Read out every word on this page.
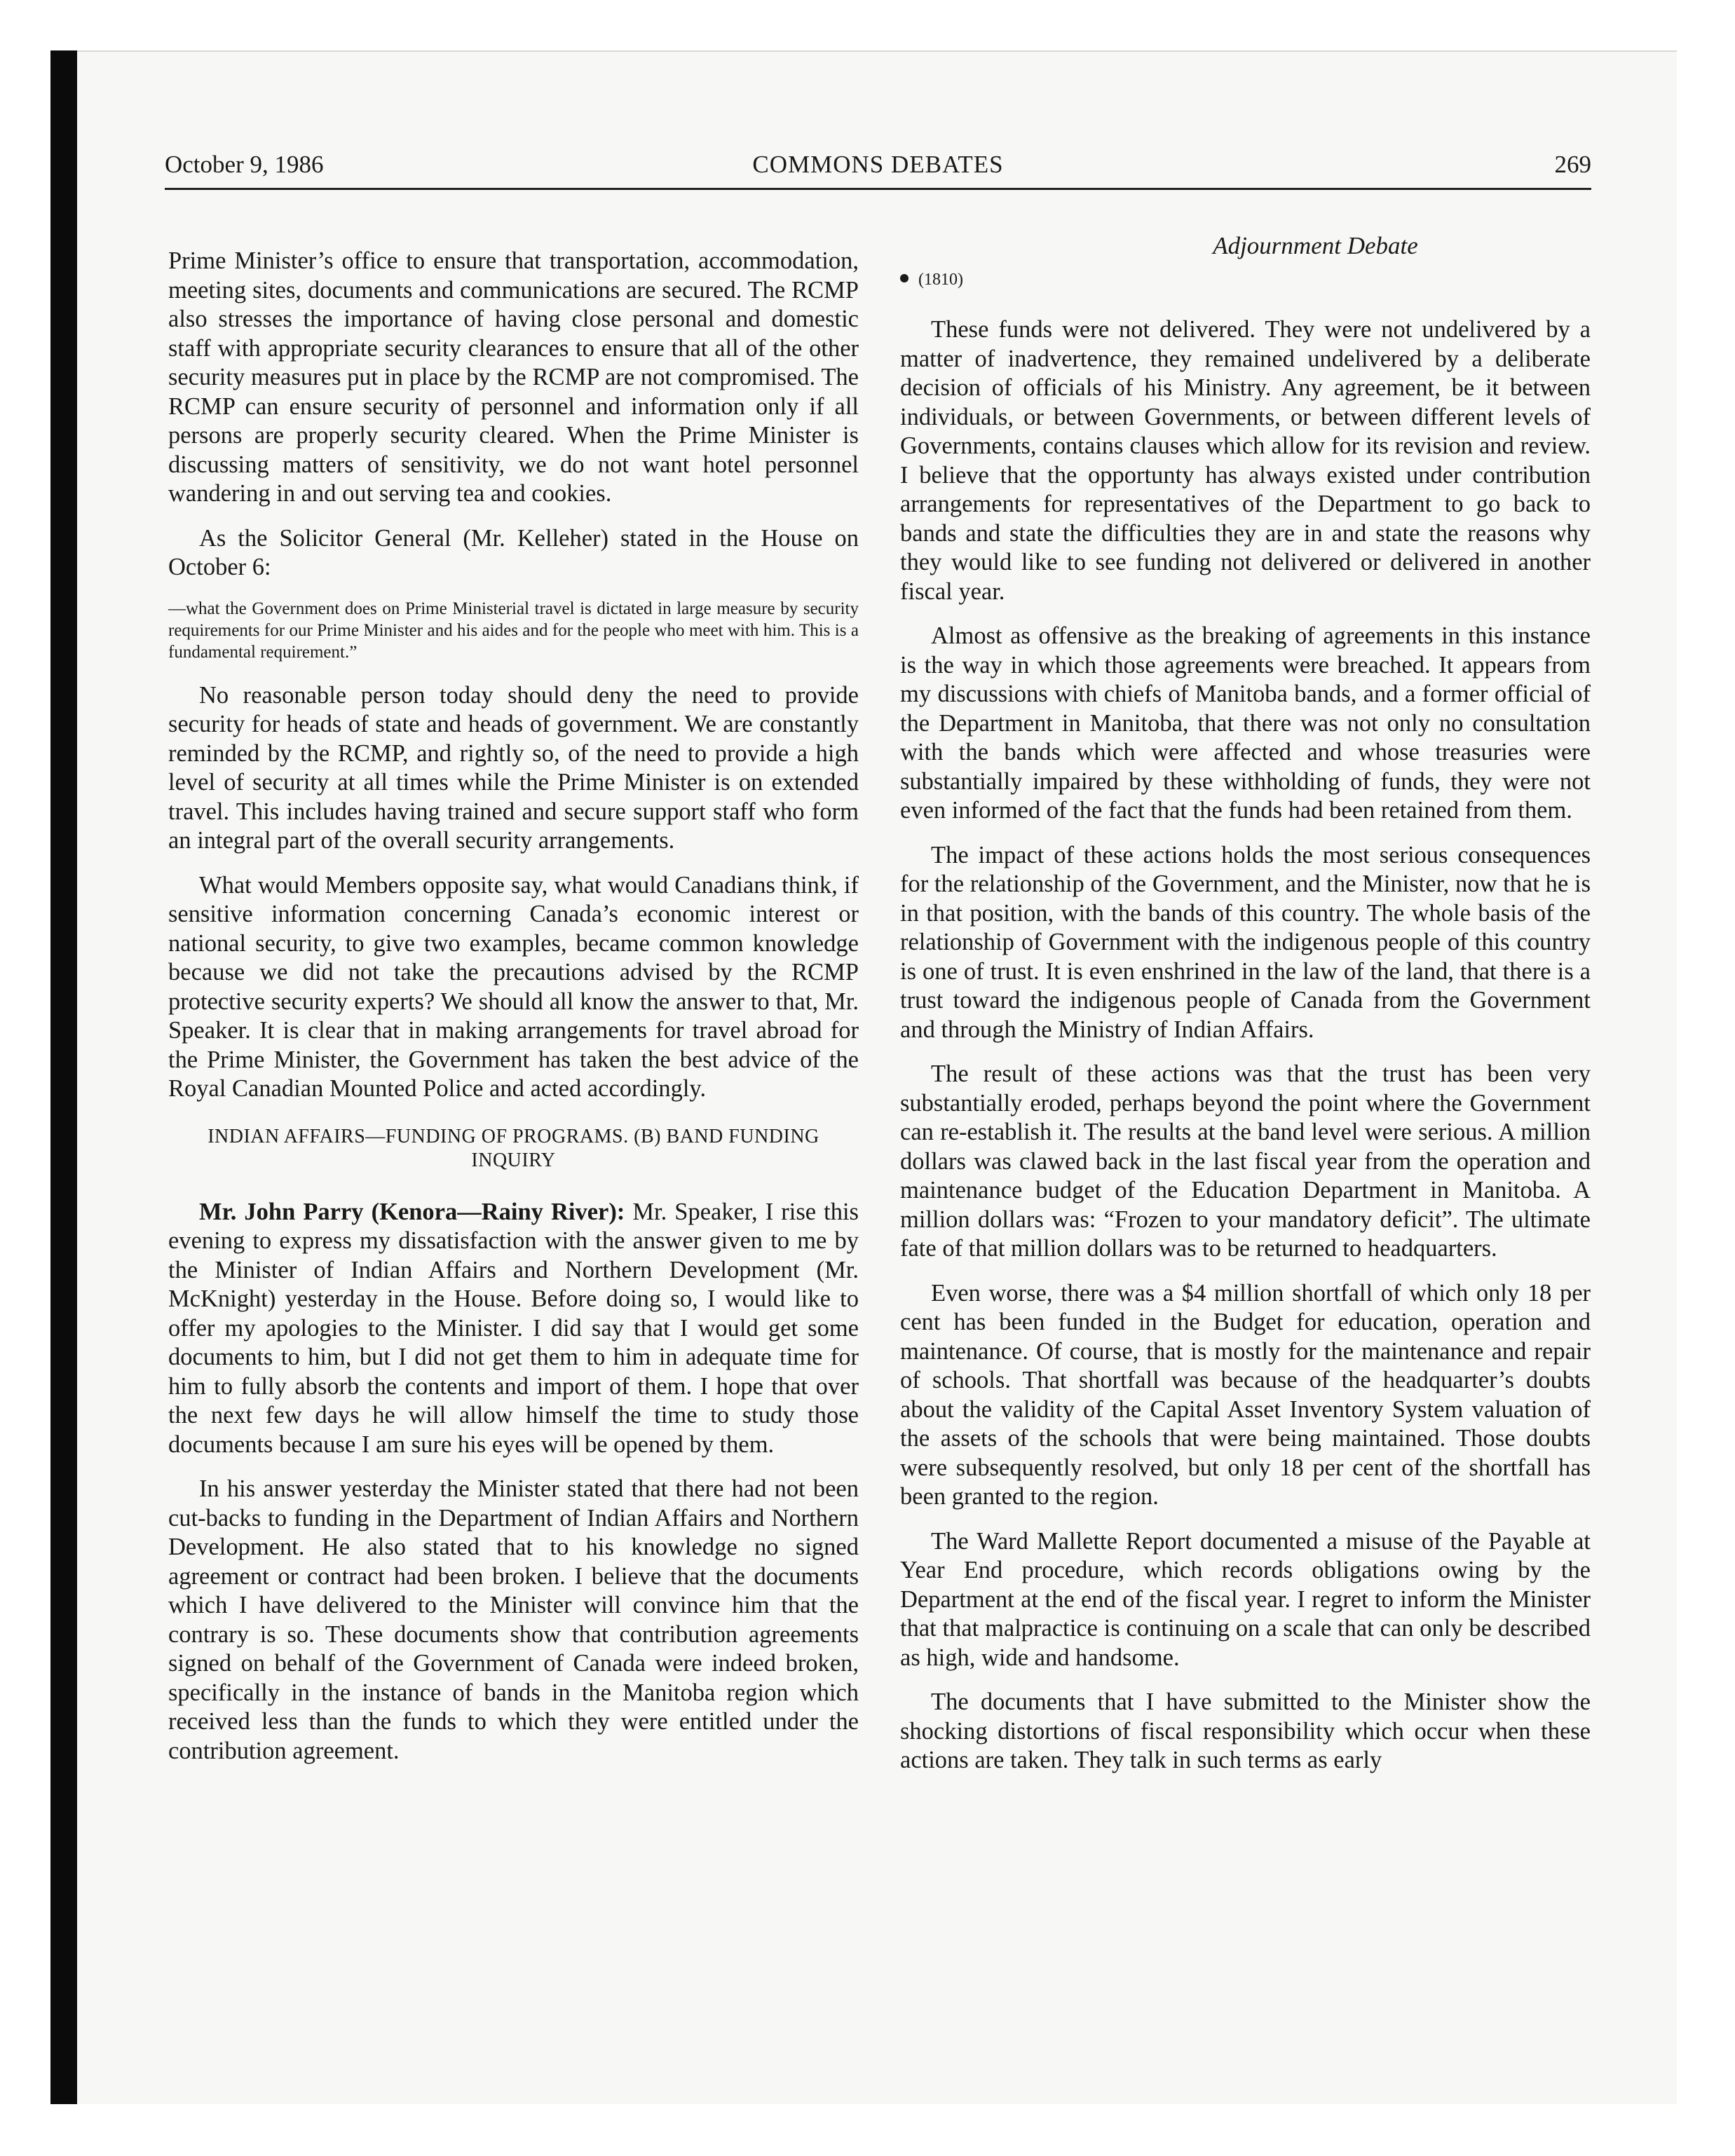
October 9, 1986	COMMONS DEBATES	269

Prime Minister’s office to ensure that transportation, accommodation, meeting sites, documents and communications are secured. The RCMP also stresses the importance of having close personal and domestic staff with appropriate security clearances to ensure that all of the other security measures put in place by the RCMP are not compromised. The RCMP can ensure security of personnel and information only if all persons are properly security cleared. When the Prime Minister is discussing matters of sensitivity, we do not want hotel personnel wandering in and out serving tea and cookies.

As the Solicitor General (Mr. Kelleher) stated in the House on October 6:

—what the Government does on Prime Ministerial travel is dictated in large measure by security requirements for our Prime Minister and his aides and for the people who meet with him. This is a fundamental requirement.”

No reasonable person today should deny the need to provide security for heads of state and heads of government. We are constantly reminded by the RCMP, and rightly so, of the need to provide a high level of security at all times while the Prime Minister is on extended travel. This includes having trained and secure support staff who form an integral part of the overall security arrangements.

What would Members opposite say, what would Canadians think, if sensitive information concerning Canada’s economic interest or national security, to give two examples, became common knowledge because we did not take the precautions advised by the RCMP protective security experts? We should all know the answer to that, Mr. Speaker. It is clear that in making arrangements for travel abroad for the Prime Minister, the Government has taken the best advice of the Royal Canadian Mounted Police and acted accordingly.

INDIAN AFFAIRS—FUNDING OF PROGRAMS. (B) BAND FUNDING INQUIRY

Mr. John Parry (Kenora—Rainy River): Mr. Speaker, I rise this evening to express my dissatisfaction with the answer given to me by the Minister of Indian Affairs and Northern Development (Mr. McKnight) yesterday in the House. Before doing so, I would like to offer my apologies to the Minister. I did say that I would get some documents to him, but I did not get them to him in adequate time for him to fully absorb the contents and import of them. I hope that over the next few days he will allow himself the time to study those documents because I am sure his eyes will be opened by them.

In his answer yesterday the Minister stated that there had not been cut-backs to funding in the Department of Indian Affairs and Northern Development. He also stated that to his knowledge no signed agreement or contract had been broken. I believe that the documents which I have delivered to the Minister will convince him that the contrary is so. These documents show that contribution agreements signed on behalf of the Government of Canada were indeed broken, specifically in the instance of bands in the Manitoba region which received less than the funds to which they were entitled under the contribution agreement.

Adjournment Debate
(1810)

These funds were not delivered. They were not undelivered by a matter of inadvertence, they remained undelivered by a deliberate decision of officials of his Ministry. Any agreement, be it between individuals, or between Governments, or between different levels of Governments, contains clauses which allow for its revision and review. I believe that the opportunty has always existed under contribution arrangements for representatives of the Department to go back to bands and state the difficulties they are in and state the reasons why they would like to see funding not delivered or delivered in another fiscal year.

Almost as offensive as the breaking of agreements in this instance is the way in which those agreements were breached. It appears from my discussions with chiefs of Manitoba bands, and a former official of the Department in Manitoba, that there was not only no consultation with the bands which were affected and whose treasuries were substantially impaired by these withholding of funds, they were not even informed of the fact that the funds had been retained from them.

The impact of these actions holds the most serious consequences for the relationship of the Government, and the Minister, now that he is in that position, with the bands of this country. The whole basis of the relationship of Government with the indigenous people of this country is one of trust. It is even enshrined in the law of the land, that there is a trust toward the indigenous people of Canada from the Government and through the Ministry of Indian Affairs.

The result of these actions was that the trust has been very substantially eroded, perhaps beyond the point where the Government can re-establish it. The results at the band level were serious. A million dollars was clawed back in the last fiscal year from the operation and maintenance budget of the Education Department in Manitoba. A million dollars was: “Frozen to your mandatory deficit”. The ultimate fate of that million dollars was to be returned to headquarters.

Even worse, there was a $4 million shortfall of which only 18 per cent has been funded in the Budget for education, operation and maintenance. Of course, that is mostly for the maintenance and repair of schools. That shortfall was because of the headquarter’s doubts about the validity of the Capital Asset Inventory System valuation of the assets of the schools that were being maintained. Those doubts were subsequently resolved, but only 18 per cent of the shortfall has been granted to the region.

The Ward Mallette Report documented a misuse of the Payable at Year End procedure, which records obligations owing by the Department at the end of the fiscal year. I regret to inform the Minister that that malpractice is continuing on a scale that can only be described as high, wide and handsome.

The documents that I have submitted to the Minister show the shocking distortions of fiscal responsibility which occur when these actions are taken. They talk in such terms as early
